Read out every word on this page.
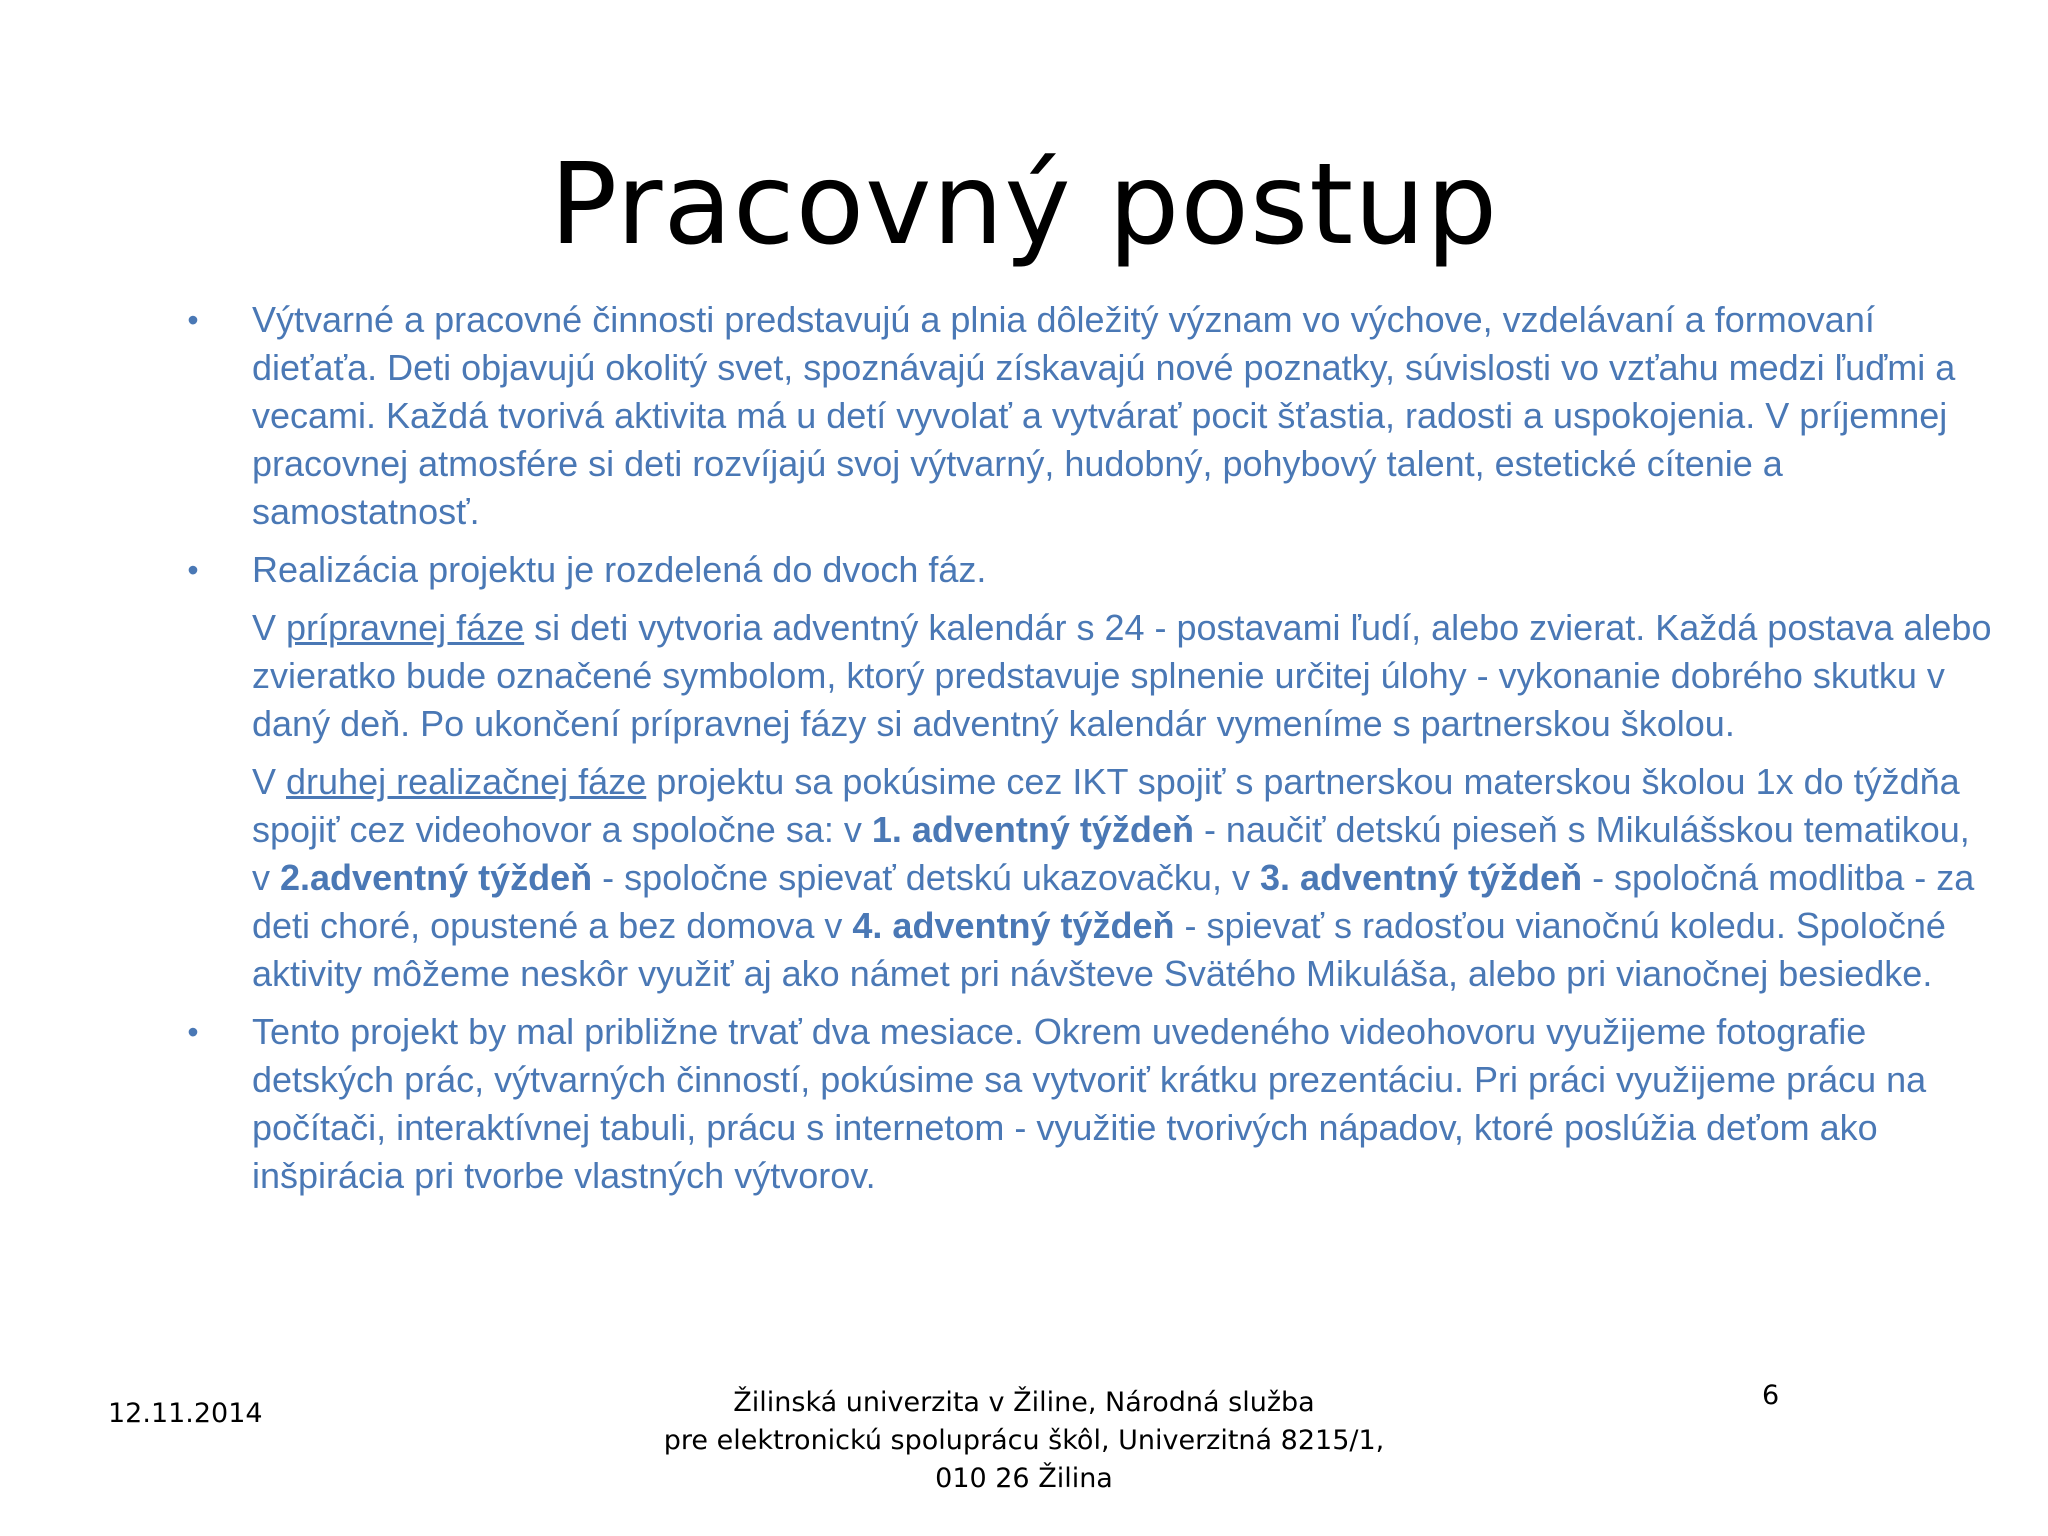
Pracovný postup
• Výtvarné a pracovné činnosti predstavujú a plnia dôležitý význam vo výchove, vzdelávaní a formovaní dieťaťa. Deti objavujú okolitý svet, spoznávajú získavajú nové poznatky, súvislosti vo vzťahu medzi ľuďmi a vecami. Každá tvorivá aktivita má u detí vyvolať a vytvárať pocit šťastia, radosti a uspokojenia. V príjemnej pracovnej atmosfére si deti rozvíjajú svoj výtvarný, hudobný, pohybový talent, estetické cítenie a samostatnosť.
• Realizácia projektu je rozdelená do dvoch fáz.
V prípravnej fáze si deti vytvoria adventný kalendár s 24 - postavami ľudí, alebo zvierat. Každá postava alebo zvieratko bude označené symbolom, ktorý predstavuje splnenie určitej úlohy - vykonanie dobrého skutku v daný deň. Po ukončení prípravnej fázy si adventný kalendár vymeníme s partnerskou školou.
V druhej realizačnej fáze projektu sa pokúsime cez IKT spojiť s partnerskou materskou školou 1x do týždňa spojiť cez videohovor a spoločne sa: v 1. adventný týždeň - naučiť detskú pieseň s Mikulášskou tematikou, v 2.adventný týždeň - spoločne spievať detskú ukazovačku, v 3. adventný týždeň - spoločná modlitba - za deti choré, opustené a bez domova v 4. adventný týždeň - spievať s radosťou vianočnú koledu. Spoločné aktivity môžeme neskôr využiť aj ako námet pri návšteve Svätého Mikuláša, alebo pri vianočnej besiedke.
• Tento projekt by mal približne trvať dva mesiace. Okrem uvedeného videohovoru využijeme fotografie detských prác, výtvarných činností, pokúsime sa vytvoriť krátku prezentáciu. Pri práci využijeme prácu na počítači, interaktívnej tabuli, prácu s internetom - využitie tvorivých nápadov, ktoré poslúžia deťom ako inšpirácia pri tvorbe vlastných výtvorov.
12.11.2014	Žilinská univerzita v Žiline, Národná služba
pre elektronickú spoluprácu škôl, Univerzitná 8215/1,
010 26 Žilina
6
